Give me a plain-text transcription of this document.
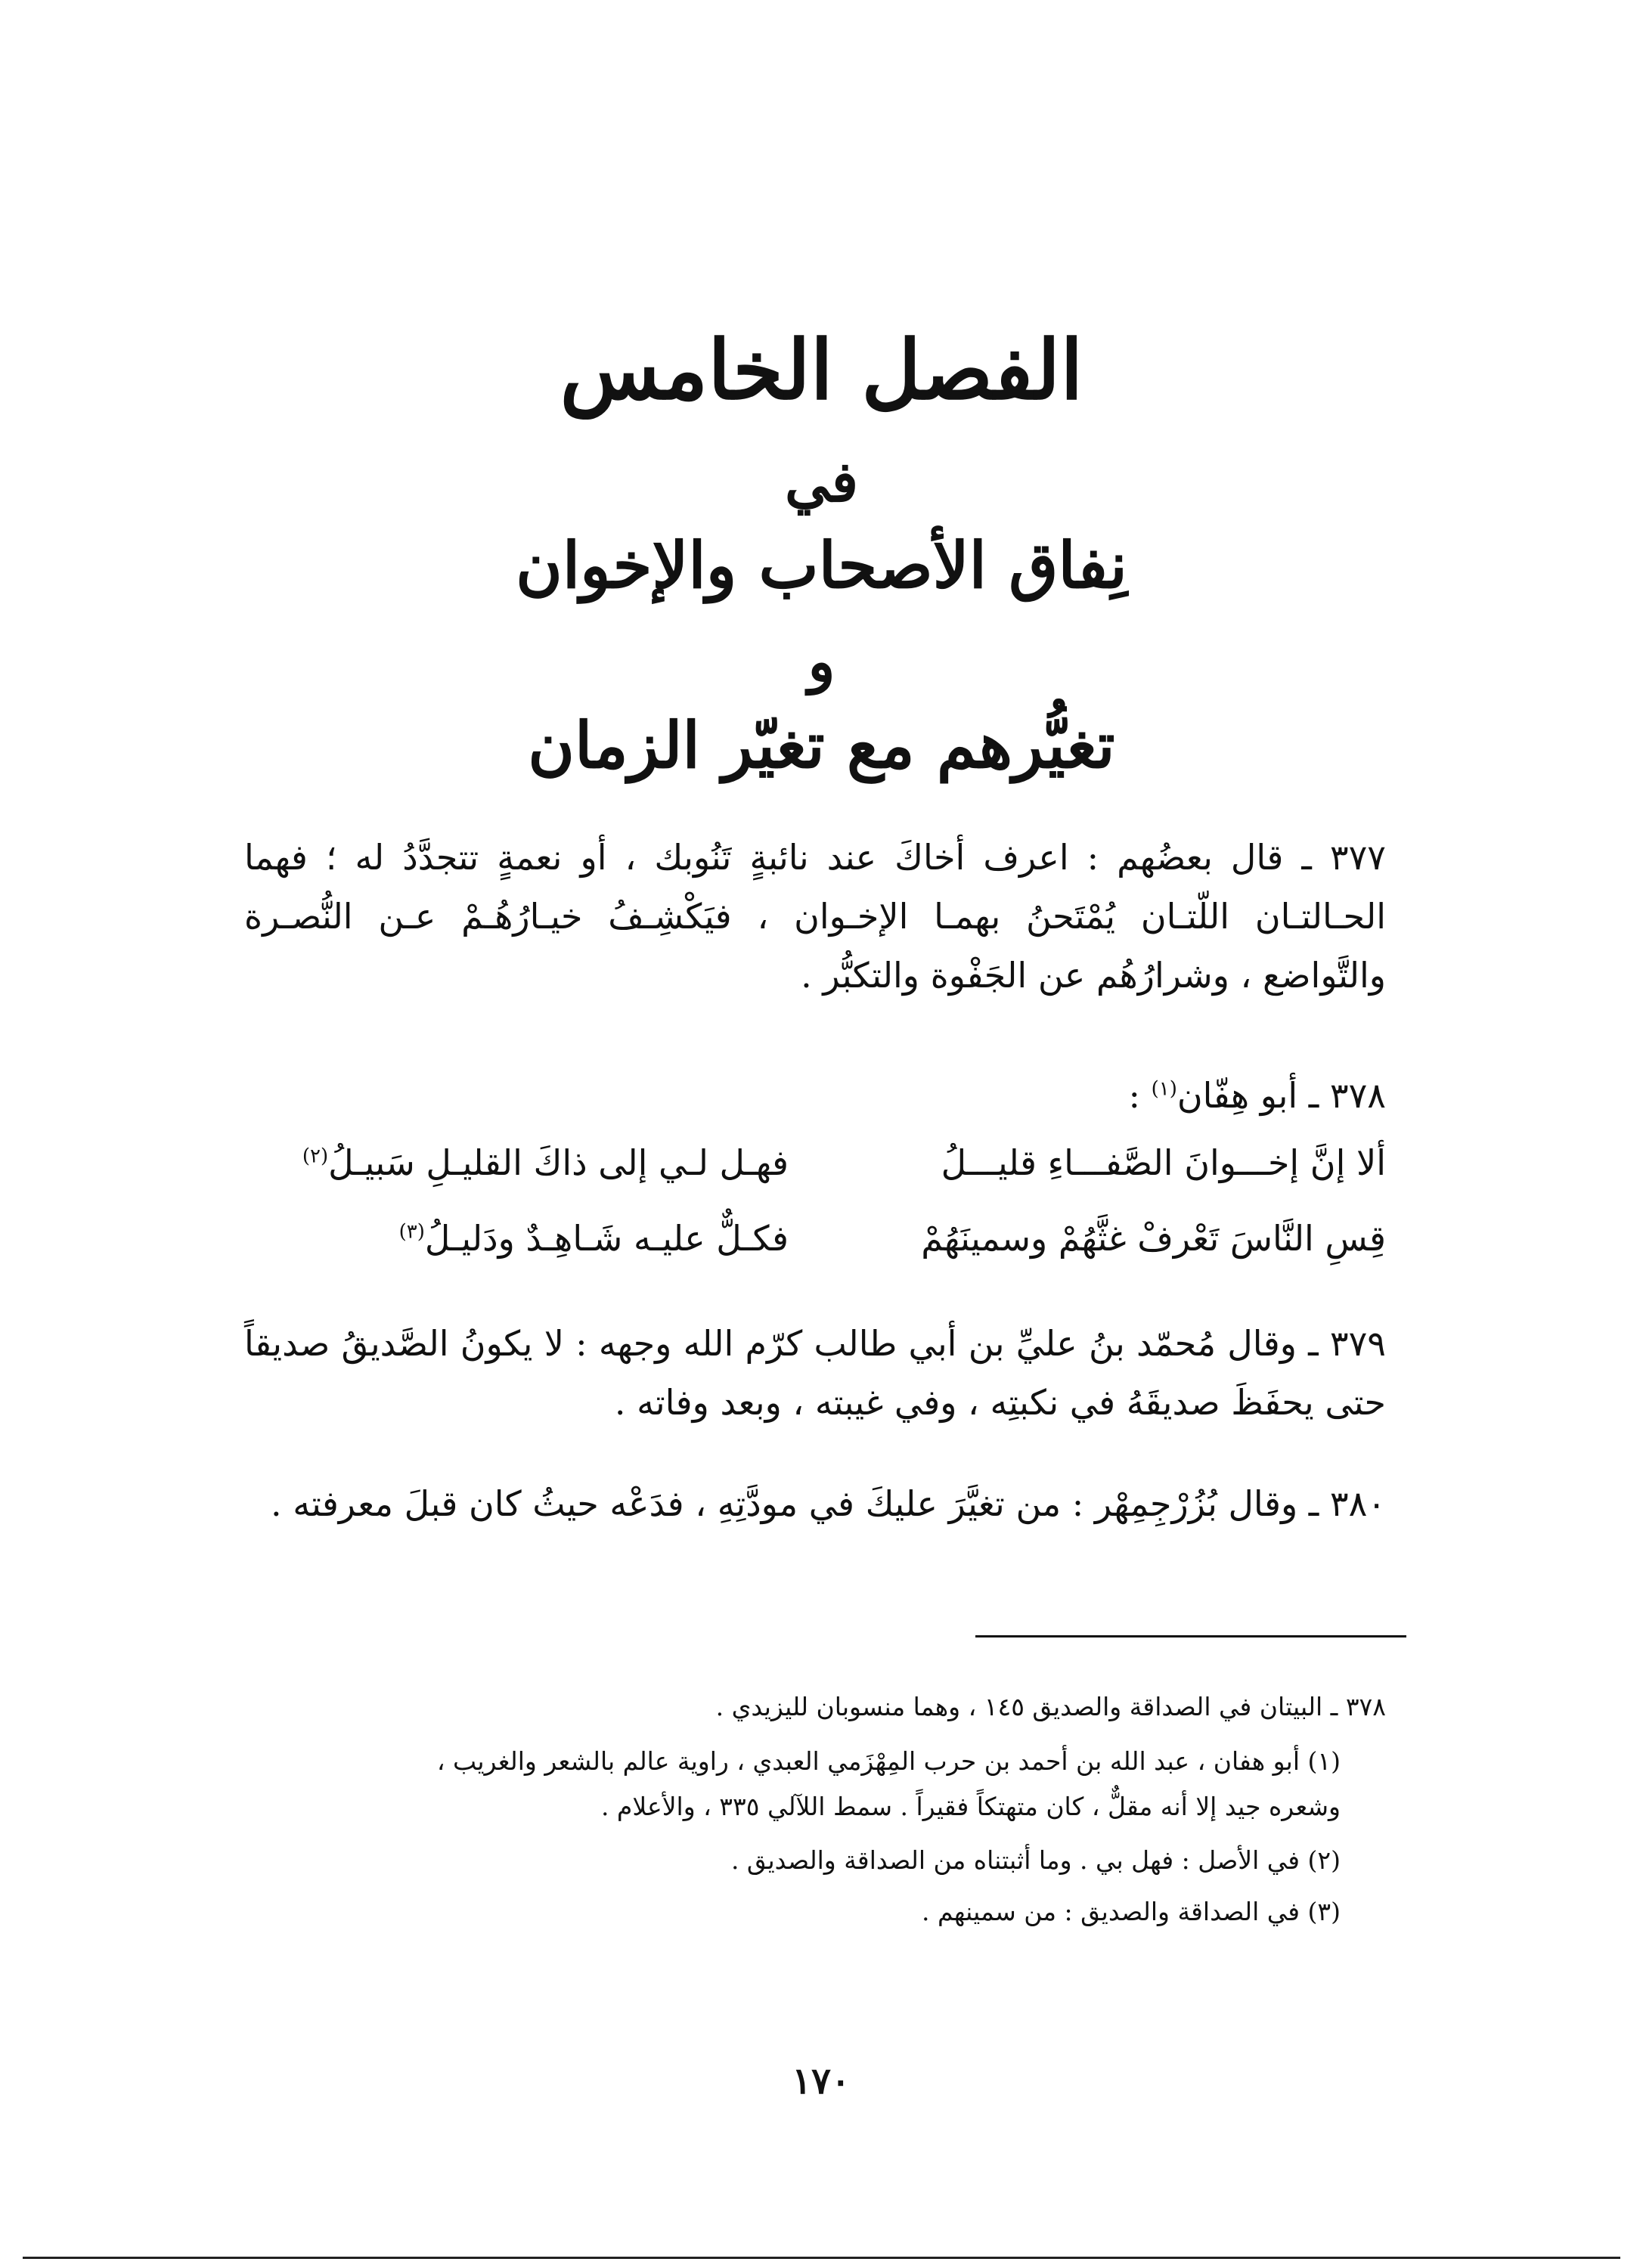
الفصل الخامس
في
نِفاق الأصحاب والإخوان
و
تغيُّرهم مع تغيّر الزمان
٣٧٧ ـ قال بعضُهم : اعرف أخاكَ عند نائبةٍ تَنُوبك ، أو نعمةٍ تتجدَّدُ له ؛ فهما الحـالتـان اللّتـان يُمْتَحنُ بهمـا الإخـوان ، فيَكْشِـفُ خيـارُهُـمْ عـن النُّصـرة والتَّواضع ، وشرارُهُم عن الجَفْوة والتكبُّر .
٣٧٨ ـ أبو هِفّان$^{(١)}$ :
ألا إنَّ إخـــوانَ الصَّفـــاءِ قليـــلُ
فهـل لـي إلى ذاكَ القليـلِ سَبيـلُ$^{(٢)}$
قِسِ النَّاسَ تَعْرفْ غثَّهُمْ وسمينَهُمْ
فكـلٌّ عليـه شَـاهِـدٌ ودَليـلُ$^{(٣)}$
٣٧٩ ـ وقال مُحمّد بنُ عليِّ بن أبي طالب كرّم الله وجهه : لا يكونُ الصَّديقُ صديقاً حتى يحفَظَ صديقَهُ في نكبتِه ، وفي غيبته ، وبعد وفاته .
٣٨٠ ـ وقال بُزُرْجِمِهْر : من تغيَّرَ عليكَ في مودَّتِهِ ، فدَعْه حيثُ كان قبلَ معرفته .
٣٧٨ ـ البيتان في الصداقة والصديق ١٤٥ ، وهما منسوبان لليزيدي .
(١) أبو هفان ، عبد الله بن أحمد بن حرب المِهْزَمي العبدي ، راوية عالم بالشعر والغريب ،
وشعره جيد إلا أنه مقلٌّ ، كان متهتكاً فقيراً . سمط اللآلي ٣٣٥ ، والأعلام .
(٢) في الأصل : فهل بي . وما أثبتناه من الصداقة والصديق .
(٣) في الصداقة والصديق : من سمينهم .
١٧٠
